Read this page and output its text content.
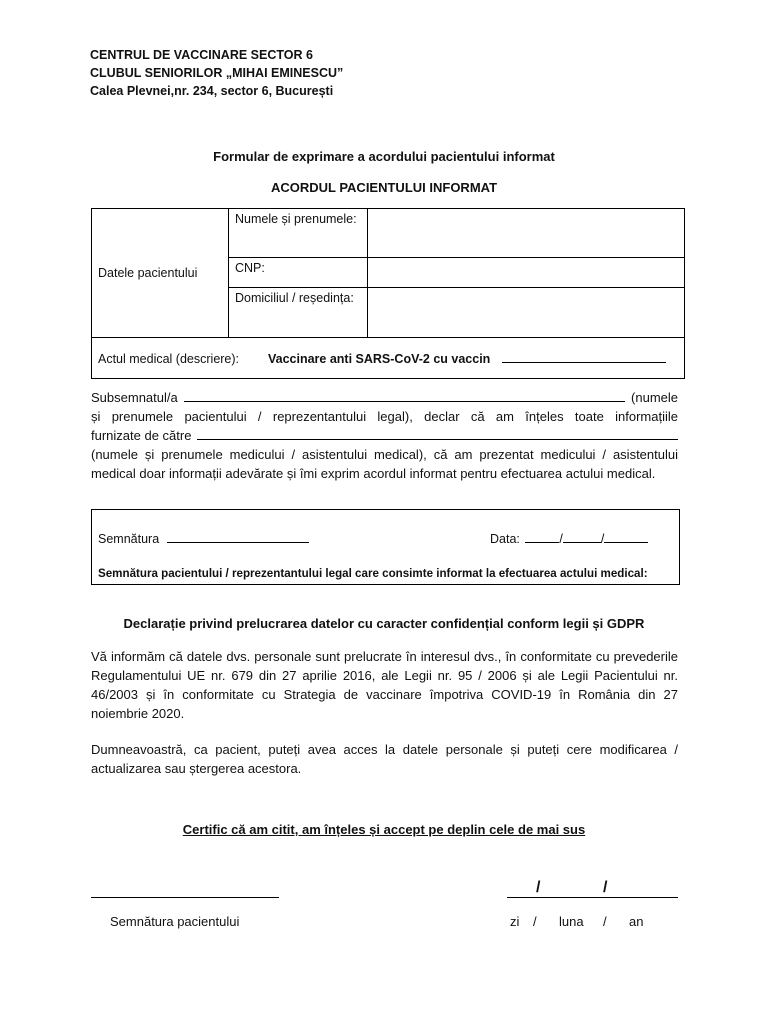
CENTRUL DE VACCINARE SECTOR 6
CLUBUL SENIORILOR „MIHAI EMINESCU”
Calea Plevnei,nr. 234, sector 6, București
Formular de exprimare a acordului pacientului informat
ACORDUL PACIENTULUI INFORMAT
Datele pacientului	Numele și prenumele:	
	CNP:	
	Domiciliul / reședința:	
Actul medical (descriere): Vaccinare anti SARS-CoV-2 cu vaccin		
Subsemnatul/a	(numele
și prenumele pacientului / reprezentantului legal), declar că am înțeles toate informațiile
furnizate de către
(numele și prenumele medicului / asistentului medical), că am prezentat medicului / asistentului medical doar informații adevărate și îmi exprim acordul informat pentru efectuarea actului medical.
Semnătura	Data:	/	/
Semnătura pacientului / reprezentantului legal care consimte informat la efectuarea actului medical:
Declarație privind prelucrarea datelor cu caracter confidențial conform legii și GDPR
Vă informăm că datele dvs. personale sunt prelucrate în interesul dvs., în conformitate cu prevederile Regulamentului UE nr. 679 din 27 aprilie 2016, ale Legii nr. 95 / 2006 și ale Legii Pacientului nr. 46/2003 și în conformitate cu Strategia de vaccinare împotriva COVID-19 în România din 27 noiembrie 2020.
Dumneavoastră, ca pacient, puteți avea acces la datele personale și puteți cere modificarea / actualizarea sau ștergerea acestora.
Certific că am citit, am înțeles și accept pe deplin cele de mai sus
/	/
Semnătura pacientului	zi / luna / an
